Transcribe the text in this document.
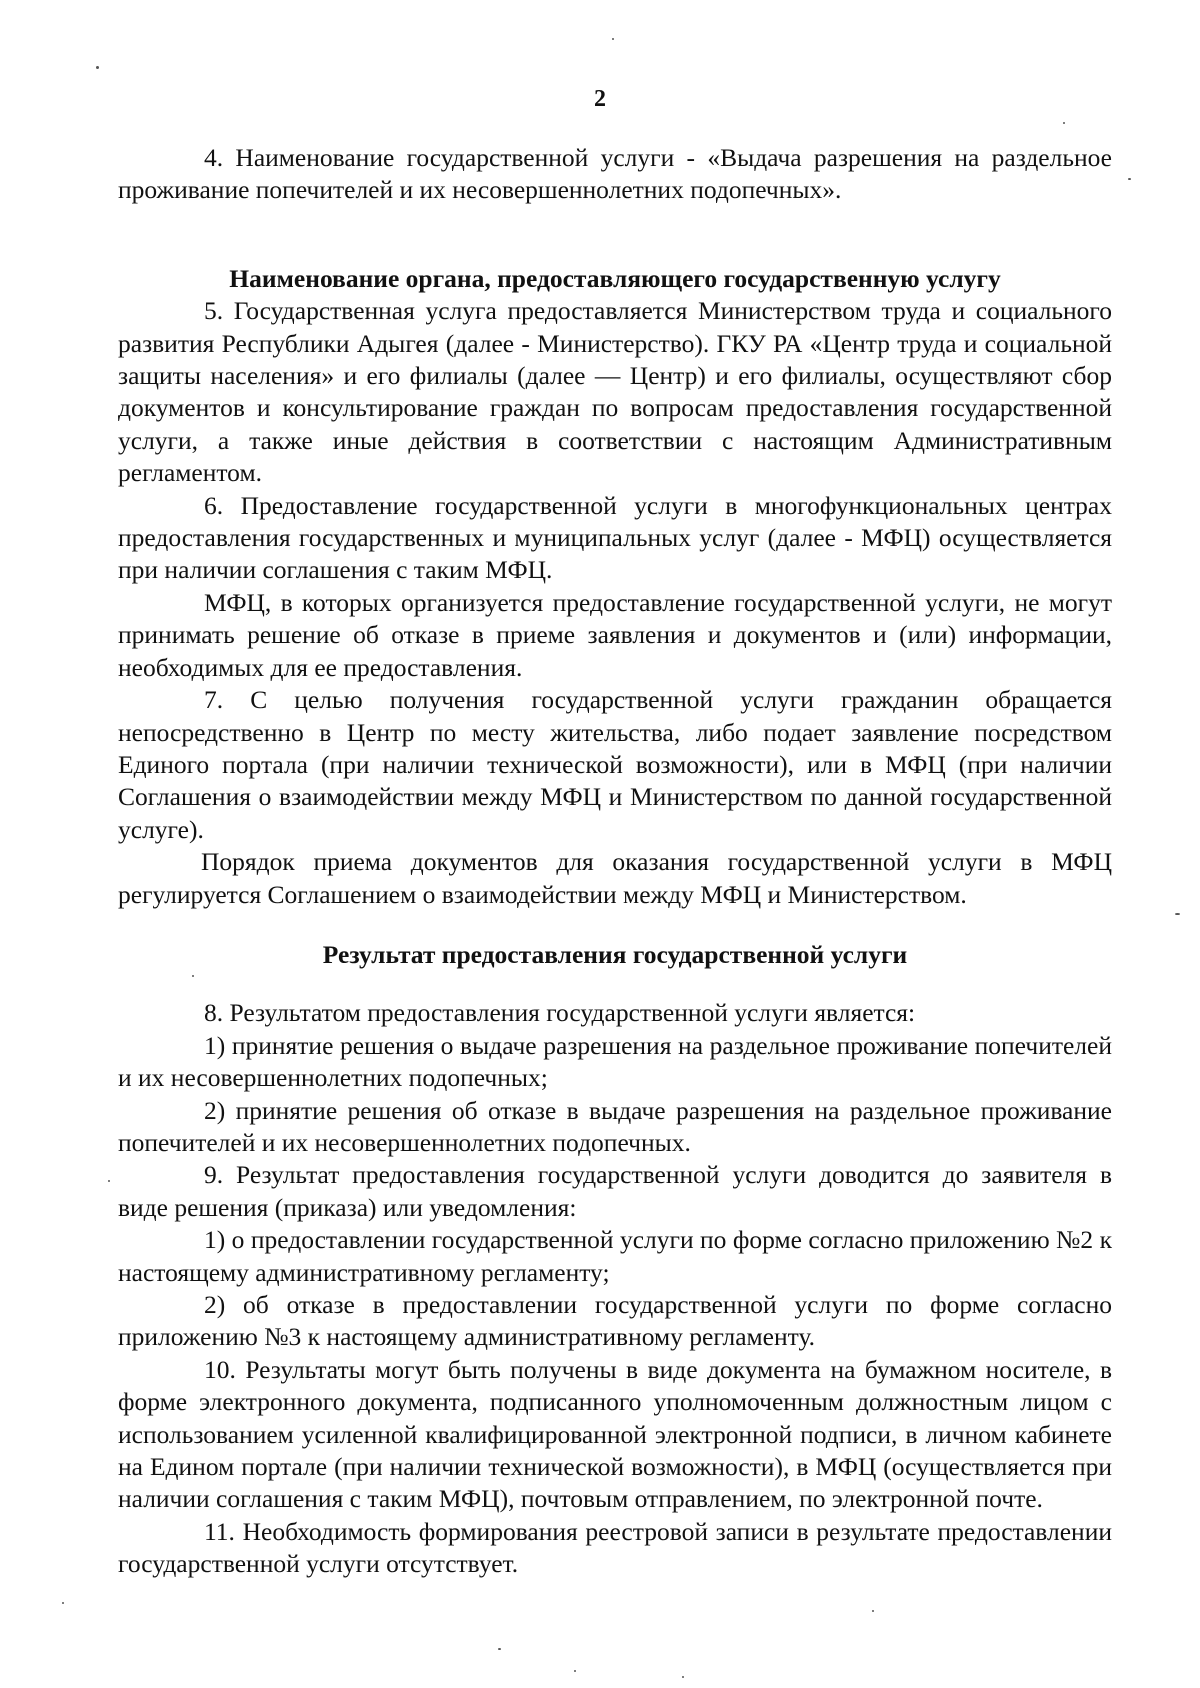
2

4. Наименование государственной услуги - «Выдача разрешения на раздельное проживание попечителей и их несовершеннолетних подопечных».

Наименование органа, предоставляющего государственную услугу

5. Государственная услуга предоставляется Министерством труда и социального развития Республики Адыгея (далее - Министерство). ГКУ РА «Центр труда и социальной защиты населения» и его филиалы (далее — Центр) и его филиалы, осуществляют сбор документов и консультирование граждан по вопросам предоставления государственной услуги, а также иные действия в соответствии с настоящим Административным регламентом.

6. Предоставление государственной услуги в многофункциональных центрах предоставления государственных и муниципальных услуг (далее - МФЦ) осуществляется при наличии соглашения с таким МФЦ.

МФЦ, в которых организуется предоставление государственной услуги, не могут принимать решение об отказе в приеме заявления и документов и (или) информации, необходимых для ее предоставления.

7. С целью получения государственной услуги гражданин обращается непосредственно в Центр по месту жительства, либо подает заявление посредством Единого портала (при наличии технической возможности), или в МФЦ (при наличии Соглашения о взаимодействии между МФЦ и Министерством по данной государственной услуге).

Порядок приема документов для оказания государственной услуги в МФЦ регулируется Соглашением о взаимодействии между МФЦ и Министерством.

Результат предоставления государственной услуги

8. Результатом предоставления государственной услуги является:

1) принятие решения о выдаче разрешения на раздельное проживание попечителей и их несовершеннолетних подопечных;

2) принятие решения об отказе в выдаче разрешения на раздельное проживание попечителей и их несовершеннолетних подопечных.

9. Результат предоставления государственной услуги доводится до заявителя в виде решения (приказа) или уведомления:

1) о предоставлении государственной услуги по форме согласно приложению №2 к настоящему административному регламенту;

2) об отказе в предоставлении государственной услуги по форме согласно приложению №3 к настоящему административному регламенту.

10. Результаты могут быть получены в виде документа на бумажном носителе, в форме электронного документа, подписанного уполномоченным должностным лицом с использованием усиленной квалифицированной электронной подписи, в личном кабинете на Едином портале (при наличии технической возможности), в МФЦ (осуществляется при наличии соглашения с таким МФЦ), почтовым отправлением, по электронной почте.

11. Необходимость формирования реестровой записи в результате предоставлении государственной услуги отсутствует.
